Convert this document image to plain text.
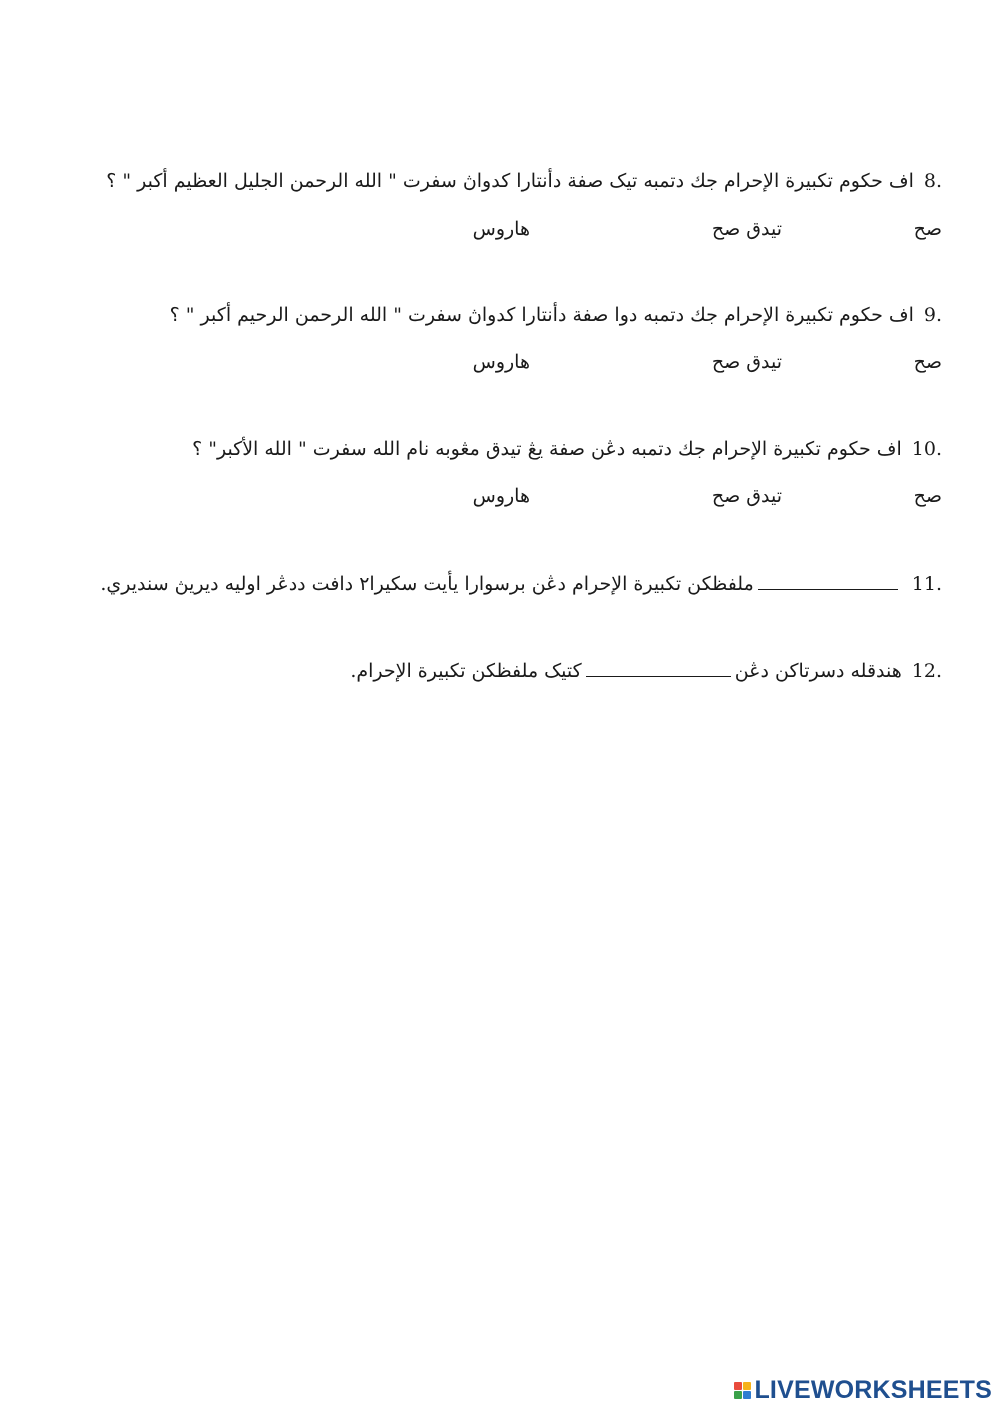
8.اف حكوم تكبيرة الإحرام جك دتمبه تيک صفة دأنتارا كدواڽ سفرت " الله الرحمن الجليل العظيم أكبر " ؟
صح
تيدق صح
هاروس
9.اف حكوم تكبيرة الإحرام جك دتمبه دوا صفة دأنتارا كدواڽ سفرت " الله الرحمن الرحيم أكبر " ؟
صح
تيدق صح
هاروس
10.اف حكوم تكبيرة الإحرام جك دتمبه دڠن صفة يڠ تيدق مڠوبه نام الله سفرت " الله الأكبر" ؟
صح
تيدق صح
هاروس
11.ملفظكن تكبيرة الإحرام دڠن برسوارا يأيت سكيرا٢ دافت ددڠر اوليه ديريڽ سنديري.
12.هندقله دسرتاكن دڠنكتيک ملفظكن تكبيرة الإحرام.
LIVEWORKSHEETS
